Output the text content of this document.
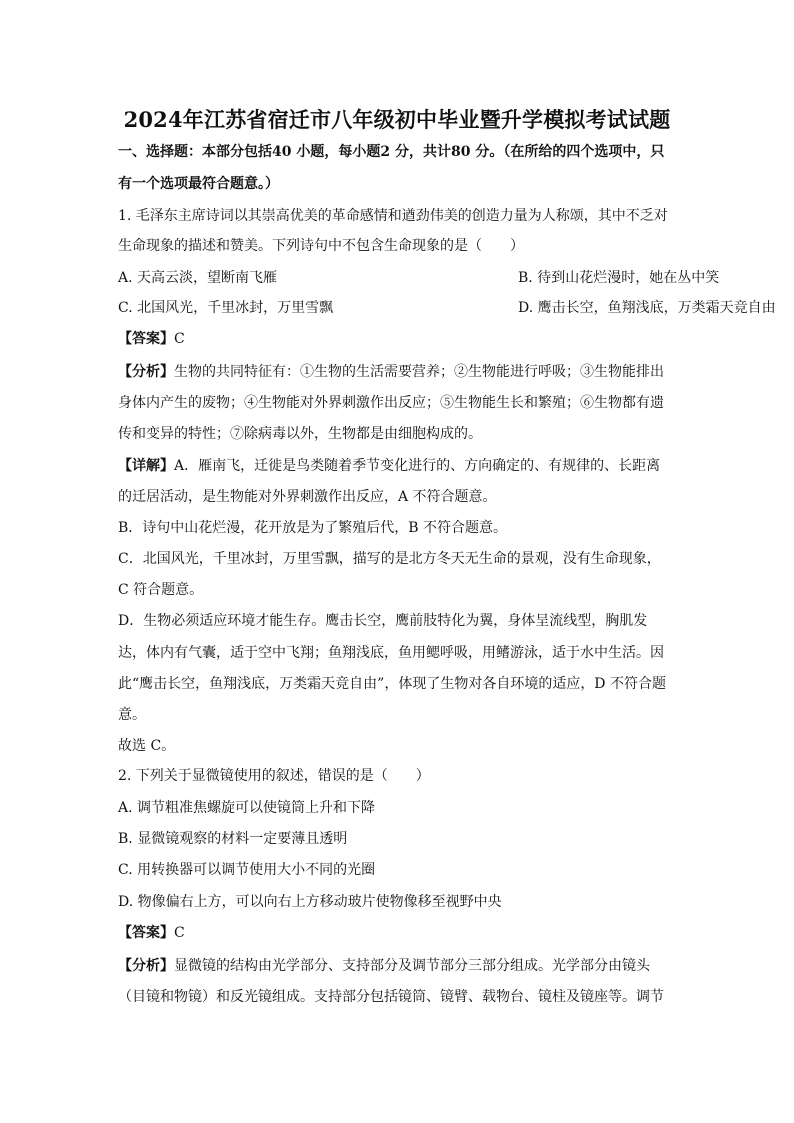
2024年江苏省宿迁市八年级初中毕业暨升学模拟考试试题
一、选择题：本部分包括40 小题，每小题2 分，共计80 分。（在所给的四个选项中，只
有一个选项最符合题意。）
1. 毛泽东主席诗词以其崇高优美的革命感情和遒劲伟美的创造力量为人称颂，其中不乏对
生命现象的描述和赞美。下列诗句中不包含生命现象的是（　　）
A. 天高云淡，望断南飞雁	B. 待到山花烂漫时，她在丛中笑
C. 北国风光，千里冰封，万里雪飘	D. 鹰击长空，鱼翔浅底，万类霜天竞自由
【答案】C
【分析】生物的共同特征有：①生物的生活需要营养；②生物能进行呼吸；③生物能排出
身体内产生的废物；④生物能对外界刺激作出反应；⑤生物能生长和繁殖；⑥生物都有遗
传和变异的特性；⑦除病毒以外，生物都是由细胞构成的。
【详解】A．雁南飞，迁徙是鸟类随着季节变化进行的、方向确定的、有规律的、长距离
的迁居活动，是生物能对外界刺激作出反应，A 不符合题意。
B．诗句中山花烂漫，花开放是为了繁殖后代，B 不符合题意。
C．北国风光，千里冰封，万里雪飘，描写的是北方冬天无生命的景观，没有生命现象，
C 符合题意。
D．生物必须适应环境才能生存。鹰击长空，鹰前肢特化为翼，身体呈流线型，胸肌发
达，体内有气囊，适于空中飞翔；鱼翔浅底，鱼用鳃呼吸，用鳍游泳，适于水中生活。因
此“鹰击长空，鱼翔浅底，万类霜天竞自由”，体现了生物对各自环境的适应，D 不符合题
意。
故选 C。
2. 下列关于显微镜使用的叙述，错误的是（　　）
A. 调节粗准焦螺旋可以使镜筒上升和下降
B. 显微镜观察的材料一定要薄且透明
C. 用转换器可以调节使用大小不同的光圈
D. 物像偏右上方，可以向右上方移动玻片使物像移至视野中央
【答案】C
【分析】显微镜的结构由光学部分、支持部分及调节部分三部分组成。光学部分由镜头
（目镜和物镜）和反光镜组成。支持部分包括镜筒、镜臂、载物台、镜柱及镜座等。调节
